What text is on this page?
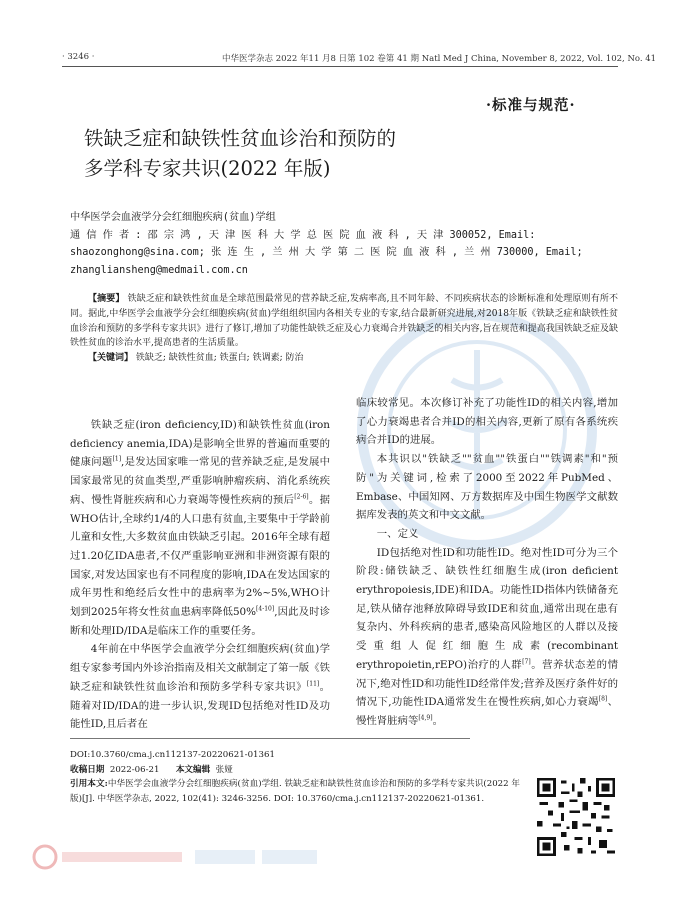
· 3246 ·	中华医学杂志 2022 年11 月8 日第 102 卷第 41 期 Natl Med J China, November 8, 2022, Vol. 102, No. 41
·标准与规范·
铁缺乏症和缺铁性贫血诊治和预防的
多学科专家共识(2022 年版)
中华医学会血液学分会红细胞疾病(贫血)学组
通 信 作 者 : 邵 宗 鸿 , 天 津 医 科 大 学 总 医 院 血 液 科 , 天 津 300052, Email:
shaozonghong@sina.com; 张 连 生 , 兰 州 大 学 第 二 医 院 血 液 科 , 兰 州 730000, Email;
zhangliansheng@medmail.com.cn

【摘要】 铁缺乏症和缺铁性贫血是全球范围最常见的营养缺乏症,发病率高,且不同年龄、不同疾病状态的诊断标准和处理原则有所不同。据此,中华医学会血液学分会红细胞疾病(贫血)学组组织国内各相关专业的专家,结合最新研究进展,对2018年版《铁缺乏症和缺铁性贫血诊治和预防的多学科专家共识》进行了修订,增加了功能性缺铁乏症及心力衰竭合并铁缺乏的相关内容,旨在规范和提高我国铁缺乏症及缺铁性贫血的诊治水平,提高患者的生活质量。

【关键词】 铁缺乏; 缺铁性贫血; 铁蛋白; 铁调素; 防治

铁缺乏症(iron deficiency,ID)和缺铁性贫血(iron deficiency anemia,IDA)是影响全世界的普遍而重要的健康问题[1],是发达国家唯一常见的营养缺乏症,是发展中国家最常见的贫血类型,严重影响肿瘤疾病、消化系统疾病、慢性肾脏疾病和心力衰竭等慢性疾病的预后[2-6]。据WHO估计,全球约1/4的人口患有贫血,主要集中于学龄前儿童和女性,大多数贫血由铁缺乏引起。2016年全球有超过1.20亿IDA患者,不仅严重影响亚洲和非洲资源有限的国家,对发达国家也有不同程度的影响,IDA在发达国家的成年男性和绝经后女性中的患病率为2%~5%,WHO计划到2025年将女性贫血患病率降低50%[4-10],因此及时诊断和处理ID/IDA是临床工作的重要任务。

4年前在中华医学会血液学分会红细胞疾病(贫血)学组专家参考国内外诊治指南及相关文献制定了第一版《铁缺乏症和缺铁性贫血诊治和预防多学科专家共识》[11]。随着对ID/IDA的进一步认识,发现ID包括绝对性ID及功能性ID,且后者在

临床较常见。本次修订补充了功能性ID的相关内容,增加了心力衰竭患者合并ID的相关内容,更新了原有各系统疾病合并ID的进展。

本共识以"铁缺乏""贫血""铁蛋白""铁调素"和"预防"为关键词,检索了2000至2022年PubMed、Embase、中国知网、万方数据库及中国生物医学文献数据库发表的英文和中文文献。

一、定义

ID包括绝对性ID和功能性ID。绝对性ID可分为三个阶段:储铁缺乏、缺铁性红细胞生成(iron deficient erythropoiesis,IDE)和IDA。功能性ID指体内铁储备充足,铁从储存池释放障碍导致IDE和贫血,通常出现在患有复杂内、外科疾病的患者,感染高风险地区的人群以及接受重组人促红细胞生成素(recombinant erythropoietin,rEPO)治疗的人群[7]。营养状态差的情况下,绝对性ID和功能性ID经常伴发;营养及医疗条件好的情况下,功能性IDA通常发生在慢性疾病,如心力衰竭[8]、慢性肾脏病等[4,9]。

DOI:10.3760/cma.j.cn112137-20220621-01361
收稿日期 2022-06-21 本文编辑 张娅
引用本文:中华医学会血液学分会红细胞疾病(贫血)学组. 铁缺乏症和缺铁性贫血诊治和预防的多学科专家共识(2022 年版)[J]. 中华医学杂志, 2022, 102(41): 3246-3256. DOI: 10.3760/cma.j.cn112137-20220621-01361.
